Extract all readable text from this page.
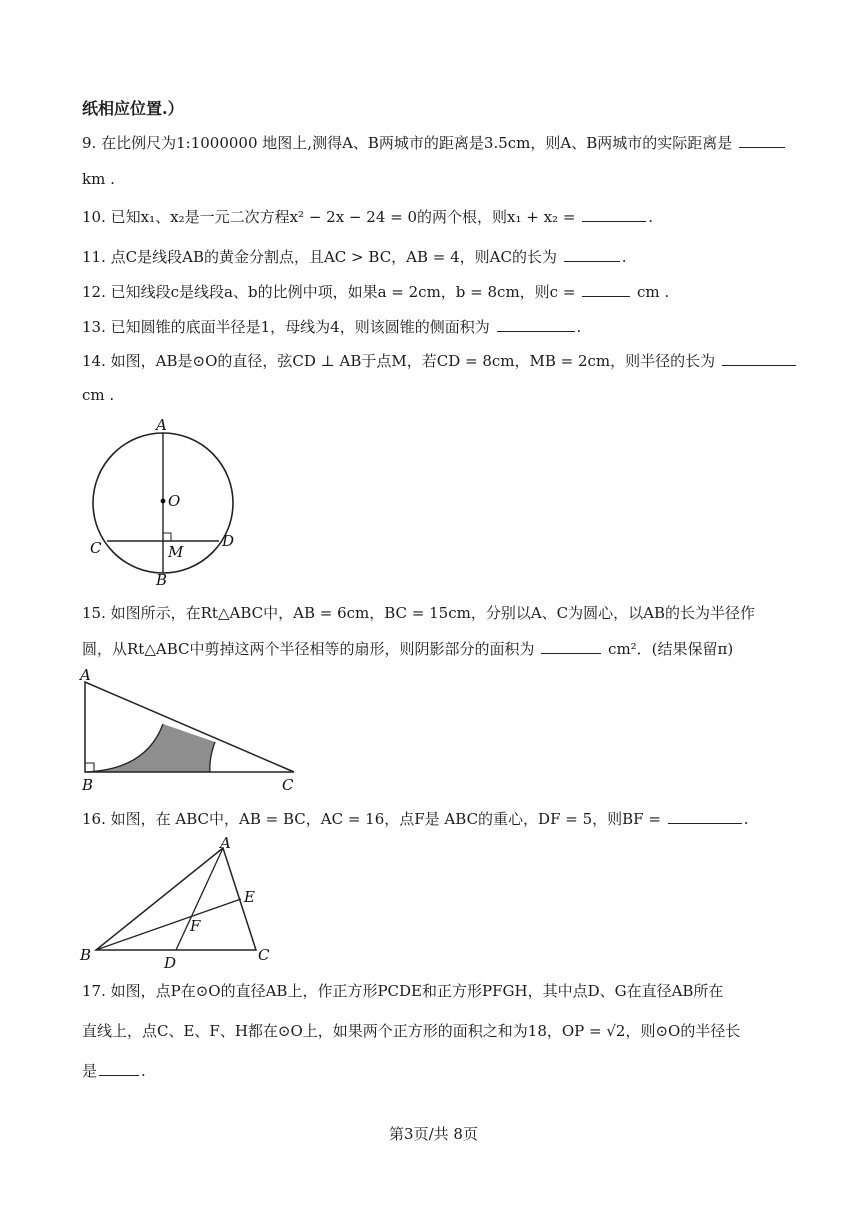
纸相应位置.）
9. 在比例尺为1:1000000 地图上,测得A、B两城市的距离是3.5cm，则A、B两城市的实际距离是
km .
10. 已知x₁、x₂是一元二次方程x² − 2x − 24 = 0的两个根，则x₁ + x₂ =	.
11. 点C是线段AB的黄金分割点，且AC > BC，AB = 4，则AC的长为	.
12. 已知线段c是线段a、b的比例中项，如果a = 2cm，b = 8cm，则c =	cm .
13. 已知圆锥的底面半径是1，母线为4，则该圆锥的侧面积为	.
14. 如图，AB是⊙O的直径，弦CD ⊥ AB于点M，若CD = 8cm，MB = 2cm，则半径的长为
cm .
A
O
C	D
M
B
15. 如图所示，在Rt△ABC中，AB = 6cm，BC = 15cm，分别以A、C为圆心，以AB的长为半径作
圆，从Rt△ABC中剪掉这两个半径相等的扇形，则阴影部分的面积为	cm²．(结果保留π)
A
B	C
16. 如图，在 ABC中，AB = BC，AC = 16，点F是 ABC的重心，DF = 5，则BF =	.
A
E
F
B	D	C
17. 如图，点P在⊙O的直径AB上，作正方形PCDE和正方形PFGH，其中点D、G在直径AB所在
直线上，点C、E、F、H都在⊙O上，如果两个正方形的面积之和为18，OP = √2，则⊙O的半径长
是	.
第3页/共 8页
